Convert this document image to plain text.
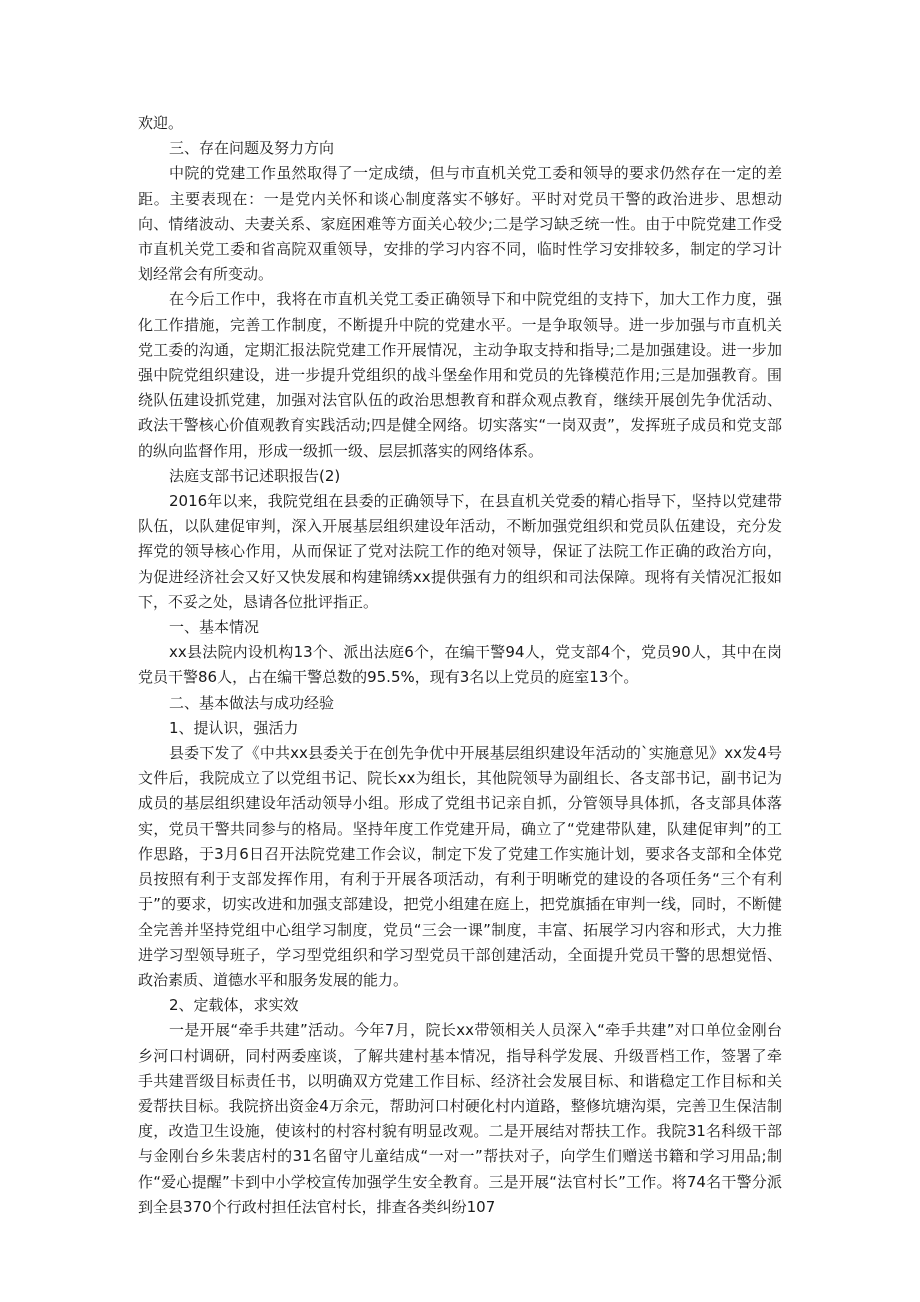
欢迎。

三、存在问题及努力方向

中院的党建工作虽然取得了一定成绩，但与市直机关党工委和领导的要求仍然存在一定的差距。主要表现在：一是党内关怀和谈心制度落实不够好。平时对党员干警的政治进步、思想动向、情绪波动、夫妻关系、家庭困难等方面关心较少;二是学习缺乏统一性。由于中院党建工作受市直机关党工委和省高院双重领导，安排的学习内容不同，临时性学习安排较多，制定的学习计划经常会有所变动。

在今后工作中，我将在市直机关党工委正确领导下和中院党组的支持下，加大工作力度，强化工作措施，完善工作制度，不断提升中院的党建水平。一是争取领导。进一步加强与市直机关党工委的沟通，定期汇报法院党建工作开展情况，主动争取支持和指导;二是加强建设。进一步加强中院党组织建设，进一步提升党组织的战斗堡垒作用和党员的先锋模范作用;三是加强教育。围绕队伍建设抓党建，加强对法官队伍的政治思想教育和群众观点教育，继续开展创先争优活动、政法干警核心价值观教育实践活动;四是健全网络。切实落实“一岗双责”，发挥班子成员和党支部的纵向监督作用，形成一级抓一级、层层抓落实的网络体系。

法庭支部书记述职报告(2)

2016年以来，我院党组在县委的正确领导下，在县直机关党委的精心指导下，坚持以党建带队伍，以队建促审判，深入开展基层组织建设年活动，不断加强党组织和党员队伍建设，充分发挥党的领导核心作用，从而保证了党对法院工作的绝对领导，保证了法院工作正确的政治方向，为促进经济社会又好又快发展和构建锦绣xx提供强有力的组织和司法保障。现将有关情况汇报如下，不妥之处，恳请各位批评指正。

一、基本情况

xx县法院内设机构13个、派出法庭6个，在编干警94人，党支部4个，党员90人，其中在岗党员干警86人，占在编干警总数的95.5%，现有3名以上党员的庭室13个。

二、基本做法与成功经验

1、提认识，强活力

县委下发了《中共xx县委关于在创先争优中开展基层组织建设年活动的`实施意见》xx发4号文件后，我院成立了以党组书记、院长xx为组长，其他院领导为副组长、各支部书记，副书记为成员的基层组织建设年活动领导小组。形成了党组书记亲自抓，分管领导具体抓，各支部具体落实，党员干警共同参与的格局。坚持年度工作党建开局，确立了“党建带队建，队建促审判”的工作思路，于3月6日召开法院党建工作会议，制定下发了党建工作实施计划，要求各支部和全体党员按照有利于支部发挥作用，有利于开展各项活动，有利于明晰党的建设的各项任务“三个有利于”的要求，切实改进和加强支部建设，把党小组建在庭上，把党旗插在审判一线，同时，不断健全完善并坚持党组中心组学习制度，党员“三会一课”制度，丰富、拓展学习内容和形式，大力推进学习型领导班子，学习型党组织和学习型党员干部创建活动，全面提升党员干警的思想觉悟、政治素质、道德水平和服务发展的能力。

2、定载体，求实效

一是开展“牵手共建”活动。今年7月，院长xx带领相关人员深入“牵手共建”对口单位金刚台乡河口村调研，同村两委座谈，了解共建村基本情况，指导科学发展、升级晋档工作，签署了牵手共建晋级目标责任书，以明确双方党建工作目标、经济社会发展目标、和谐稳定工作目标和关爱帮扶目标。我院挤出资金4万余元，帮助河口村硬化村内道路，整修坑塘沟渠，完善卫生保洁制度，改造卫生设施，使该村的村容村貌有明显改观。二是开展结对帮扶工作。我院31名科级干部与金刚台乡朱裴店村的31名留守儿童结成“一对一”帮扶对子，向学生们赠送书籍和学习用品;制作“爱心提醒”卡到中小学校宣传加强学生安全教育。三是开展“法官村长”工作。将74名干警分派到全县370个行政村担任法官村长，排查各类纠纷107
